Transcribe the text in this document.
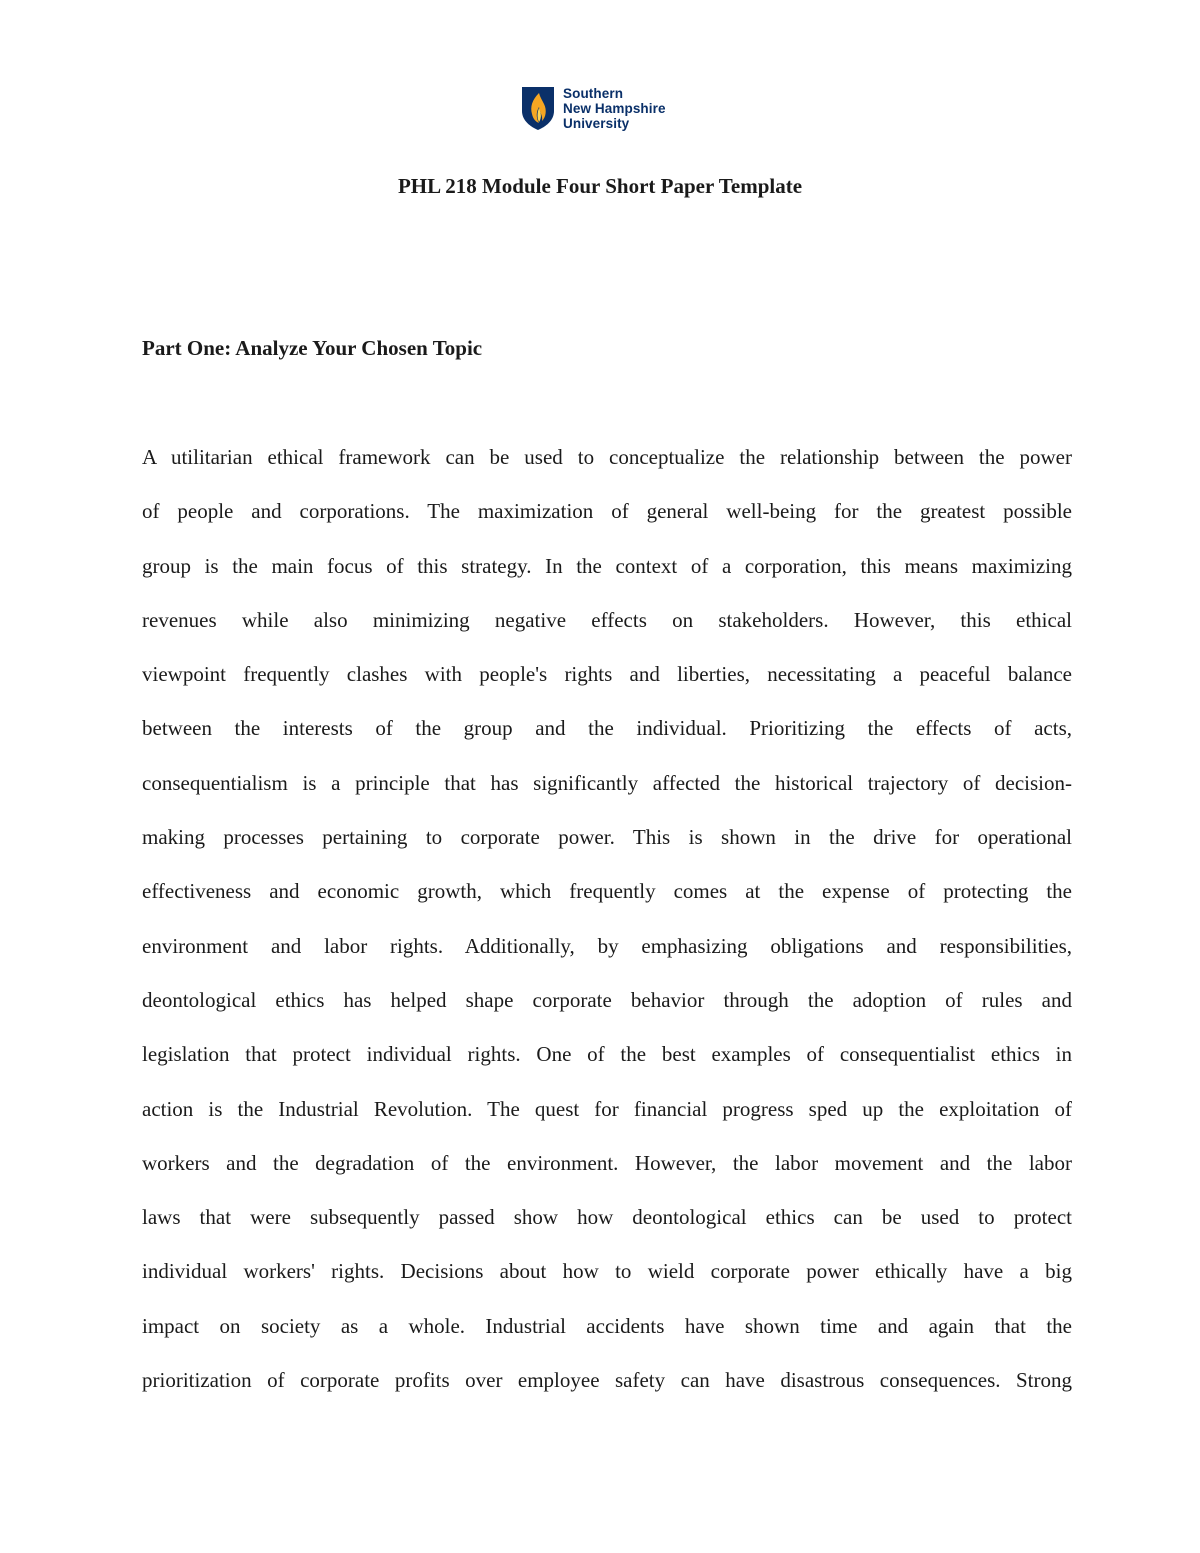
Southern
New Hampshire
University
PHL 218 Module Four Short Paper Template
Part One: Analyze Your Chosen Topic
A utilitarian ethical framework can be used to conceptualize the relationship between the power
of people and corporations. The maximization of general well-being for the greatest possible
group is the main focus of this strategy. In the context of a corporation, this means maximizing
revenues while also minimizing negative effects on stakeholders. However, this ethical
viewpoint frequently clashes with people's rights and liberties, necessitating a peaceful balance
between the interests of the group and the individual. Prioritizing the effects of acts,
consequentialism is a principle that has significantly affected the historical trajectory of decision-
making processes pertaining to corporate power. This is shown in the drive for operational
effectiveness and economic growth, which frequently comes at the expense of protecting the
environment and labor rights. Additionally, by emphasizing obligations and responsibilities,
deontological ethics has helped shape corporate behavior through the adoption of rules and
legislation that protect individual rights. One of the best examples of consequentialist ethics in
action is the Industrial Revolution. The quest for financial progress sped up the exploitation of
workers and the degradation of the environment. However, the labor movement and the labor
laws that were subsequently passed show how deontological ethics can be used to protect
individual workers' rights. Decisions about how to wield corporate power ethically have a big
impact on society as a whole. Industrial accidents have shown time and again that the
prioritization of corporate profits over employee safety can have disastrous consequences. Strong
